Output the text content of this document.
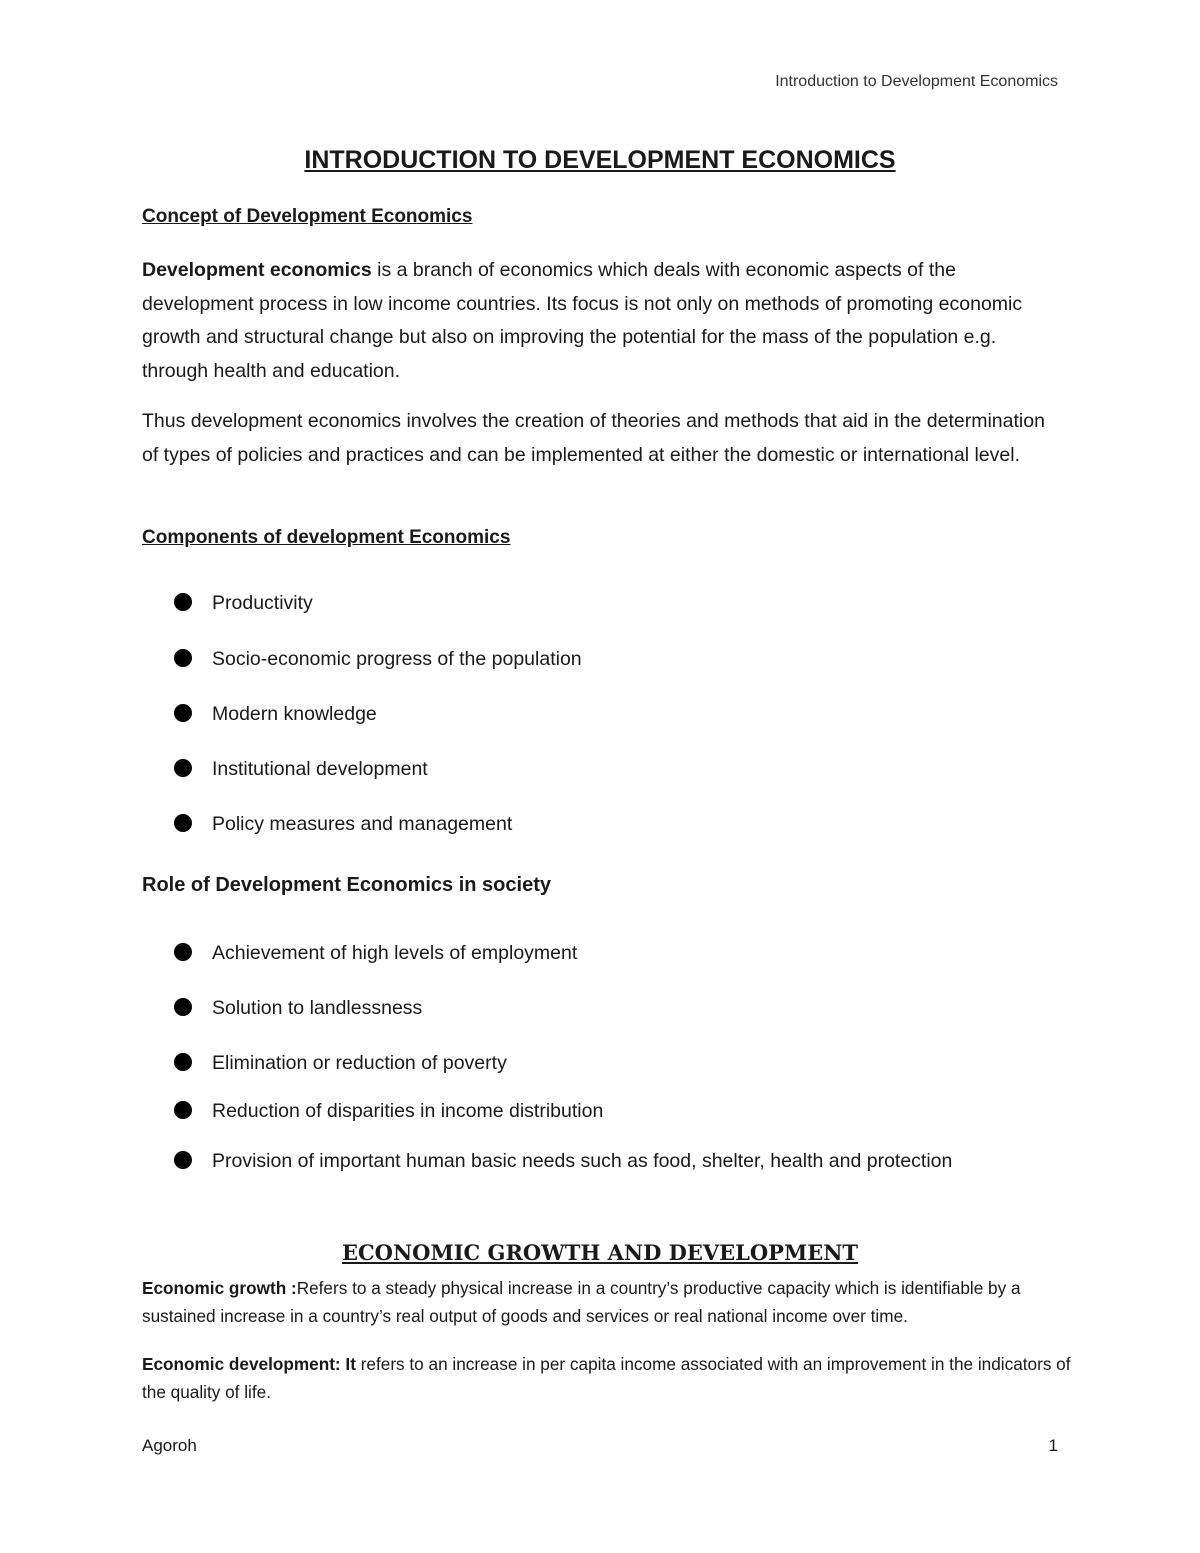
Introduction to Development Economics
INTRODUCTION TO DEVELOPMENT ECONOMICS
Concept of Development Economics

Development economics is a branch of economics which deals with economic aspects of the development process in low income countries. Its focus is not only on methods of promoting economic growth and structural change but also on improving the potential for the mass of the population e.g. through health and education.

Thus development economics involves the creation of theories and methods that aid in the determination of types of policies and practices and can be implemented at either the domestic or international level.

Components of development Economics
Productivity
Socio-economic progress of the population
Modern knowledge
Institutional development
Policy measures and management
Role of Development Economics in society
Achievement of high levels of employment
Solution to landlessness
Elimination or reduction of poverty
Reduction of disparities in income distribution
Provision of important human basic needs such as food, shelter, health and protection
ECONOMIC GROWTH AND DEVELOPMENT

Economic growth :Refers to a steady physical increase in a country’s productive capacity which is identifiable by a sustained increase in a country’s real output of goods and services or real national income over time.

Economic development: It refers to an increase in per capita income associated with an improvement in the indicators of the quality of life.

Agoroh	1
